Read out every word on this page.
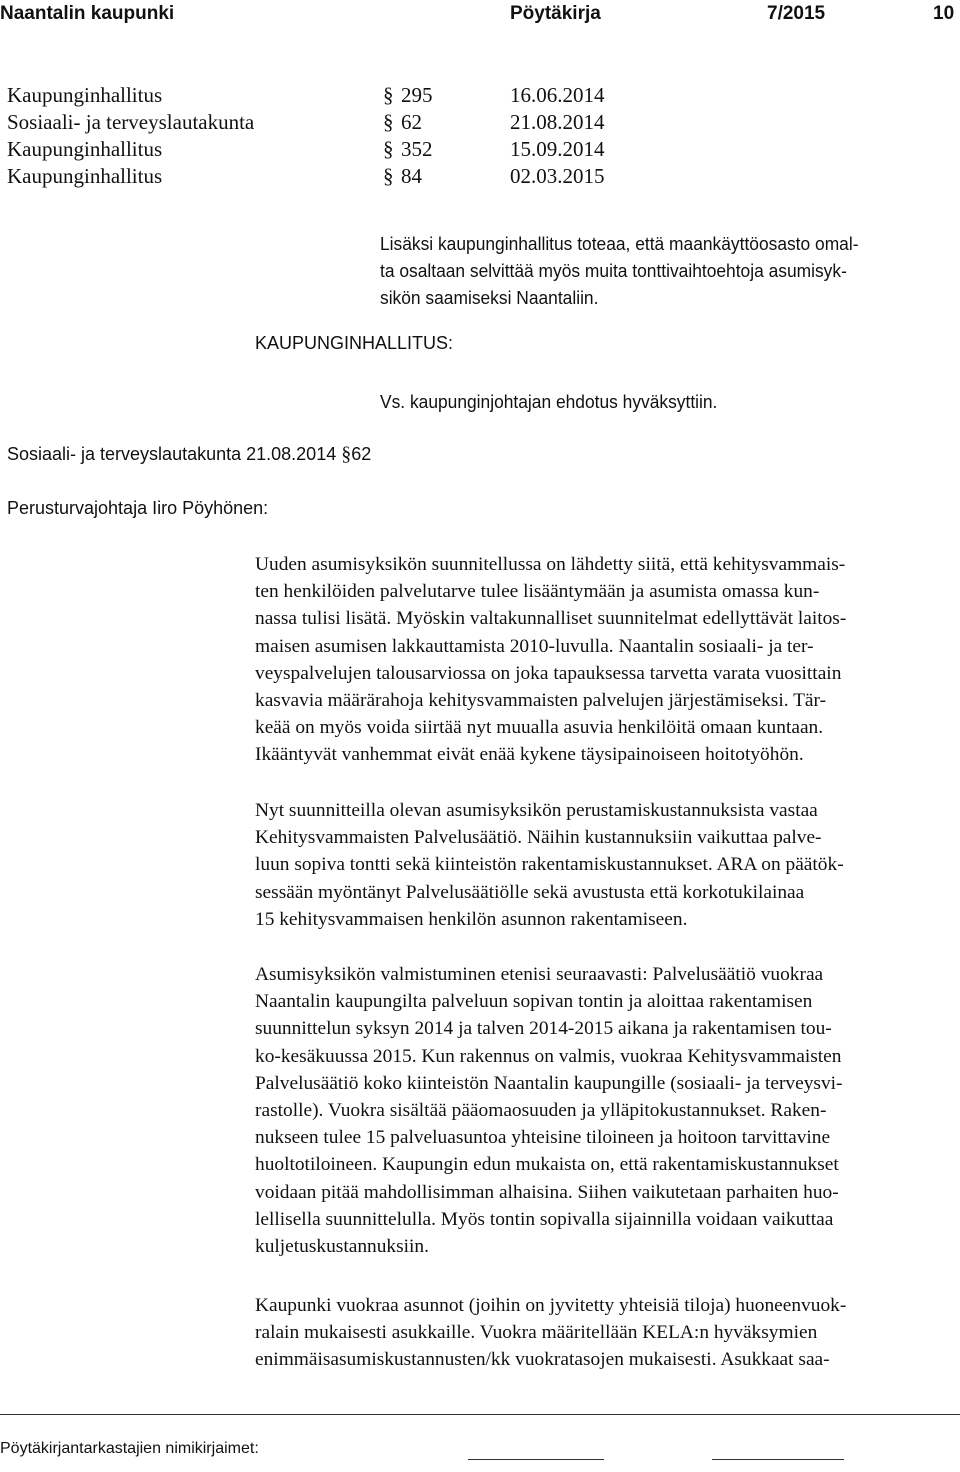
Naantalin kaupunki	Pöytäkirja	7/2015	10
Kaupunginhallitus	§ 295	16.06.2014
Sosiaali- ja terveyslautakunta	§ 62	21.08.2014
Kaupunginhallitus	§ 352	15.09.2014
Kaupunginhallitus	§ 84	02.03.2015
Lisäksi kaupunginhallitus toteaa, että maankäyttöosasto omal-
ta osaltaan selvittää myös muita tonttivaihtoehtoja asumisyk-
sikön saamiseksi Naantaliin.
KAUPUNGINHALLITUS:
Vs. kaupunginjohtajan ehdotus hyväksyttiin.
Sosiaali- ja terveyslautakunta 21.08.2014 §62
Perusturvajohtaja Iiro Pöyhönen:
Uuden asumisyksikön suunnitellussa on lähdetty siitä, että kehitysvammais-
ten henkilöiden palvelutarve tulee lisääntymään ja asumista omassa kun-
nassa tulisi lisätä. Myöskin valtakunnalliset suunnitelmat edellyttävät laitos-
maisen asumisen lakkauttamista 2010-luvulla. Naantalin sosiaali- ja ter-
veyspalvelujen talousarviossa on joka tapauksessa tarvetta varata vuosittain
kasvavia määrärahoja kehitysvammaisten palvelujen järjestämiseksi. Tär-
keää on myös voida siirtää nyt muualla asuvia henkilöitä omaan kuntaan.
Ikääntyvät vanhemmat eivät enää kykene täysipainoiseen hoitotyöhön.
Nyt suunnitteilla olevan asumisyksikön perustamiskustannuksista vastaa
Kehitysvammaisten Palvelusäätiö. Näihin kustannuksiin vaikuttaa palve-
luun sopiva tontti sekä kiinteistön rakentamiskustannukset. ARA on päätök-
sessään myöntänyt Palvelusäätiölle sekä avustusta että korkotukilainaa
15 kehitysvammaisen henkilön asunnon rakentamiseen.
Asumisyksikön valmistuminen etenisi seuraavasti: Palvelusäätiö vuokraa
Naantalin kaupungilta palveluun sopivan tontin ja aloittaa rakentamisen
suunnittelun syksyn 2014 ja talven 2014-2015 aikana ja rakentamisen tou-
ko-kesäkuussa 2015. Kun rakennus on valmis, vuokraa Kehitysvammaisten
Palvelusäätiö koko kiinteistön Naantalin kaupungille (sosiaali- ja terveysvi-
rastolle). Vuokra sisältää pääomaosuuden ja ylläpitokustannukset. Raken-
nukseen tulee 15 palveluasuntoa yhteisine tiloineen ja hoitoon tarvittavine
huoltotiloineen. Kaupungin edun mukaista on, että rakentamiskustannukset
voidaan pitää mahdollisimman alhaisina. Siihen vaikutetaan parhaiten huo-
lellisella suunnittelulla. Myös tontin sopivalla sijainnilla voidaan vaikuttaa
kuljetuskustannuksiin.
Kaupunki vuokraa asunnot (joihin on jyvitetty yhteisiä tiloja) huoneenvuok-
ralain mukaisesti asukkaille. Vuokra määritellään KELA:n hyväksymien
enimmäisasumiskustannusten/kk vuokratasojen mukaisesti. Asukkaat saa-
Pöytäkirjantarkastajien nimikirjaimet:
